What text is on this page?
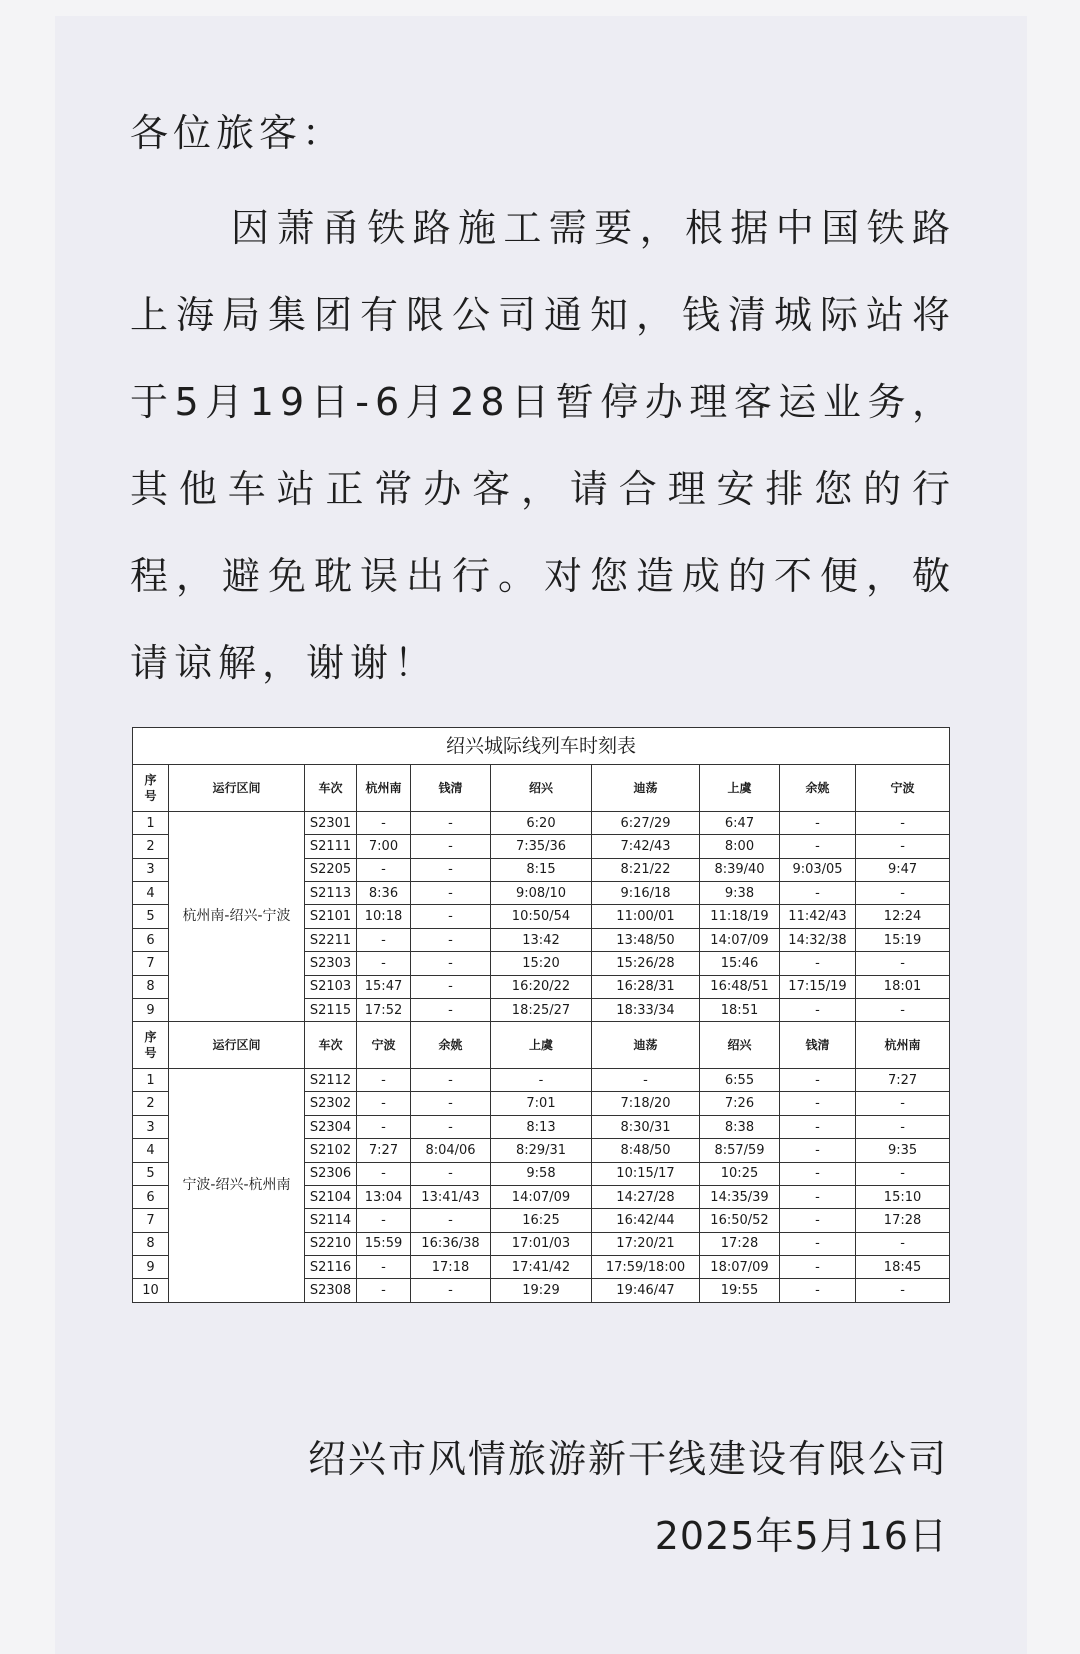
各位旅客：
因萧甬铁路施工需要，根据中国铁路上海局集团有限公司通知，钱清城际站将于5月19日-6月28日暂停办理客运业务，其他车站正常办客，请合理安排您的行程，避免耽误出行。对您造成的不便，敬请谅解，谢谢！
绍兴城际线列车时刻表									

序
号	运行区间	车次	杭州南	钱清	绍兴	迪荡	上虞	余姚	宁波
1	杭州南-绍兴-宁波	S2301	-	-	6:20	6:27/29	6:47	-	-
2		S2111	7:00	-	7:35/36	7:42/43	8:00	-	-
3		S2205	-	-	8:15	8:21/22	8:39/40	9:03/05	9:47
4		S2113	8:36	-	9:08/10	9:16/18	9:38	-	-
5		S2101	10:18	-	10:50/54	11:00/01	11:18/19	11:42/43	12:24
6		S2211	-	-	13:42	13:48/50	14:07/09	14:32/38	15:19
7		S2303	-	-	15:20	15:26/28	15:46	-	-
8		S2103	15:47	-	16:20/22	16:28/31	16:48/51	17:15/19	18:01
9		S2115	17:52	-	18:25/27	18:33/34	18:51	-	-

序
号	运行区间	车次	宁波	余姚	上虞	迪荡	绍兴	钱清	杭州南
1	宁波-绍兴-杭州南	S2112	-	-	-	-	6:55	-	7:27
2		S2302	-	-	7:01	7:18/20	7:26	-	-
3		S2304	-	-	8:13	8:30/31	8:38	-	-
4		S2102	7:27	8:04/06	8:29/31	8:48/50	8:57/59	-	9:35
5		S2306	-	-	9:58	10:15/17	10:25	-	-
6		S2104	13:04	13:41/43	14:07/09	14:27/28	14:35/39	-	15:10
7		S2114	-	-	16:25	16:42/44	16:50/52	-	17:28
8		S2210	15:59	16:36/38	17:01/03	17:20/21	17:28	-	-
9		S2116	-	17:18	17:41/42	17:59/18:00	18:07/09	-	18:45
10		S2308	-	-	19:29	19:46/47	19:55	-	-
绍兴市风情旅游新干线建设有限公司
2025年5月16日
